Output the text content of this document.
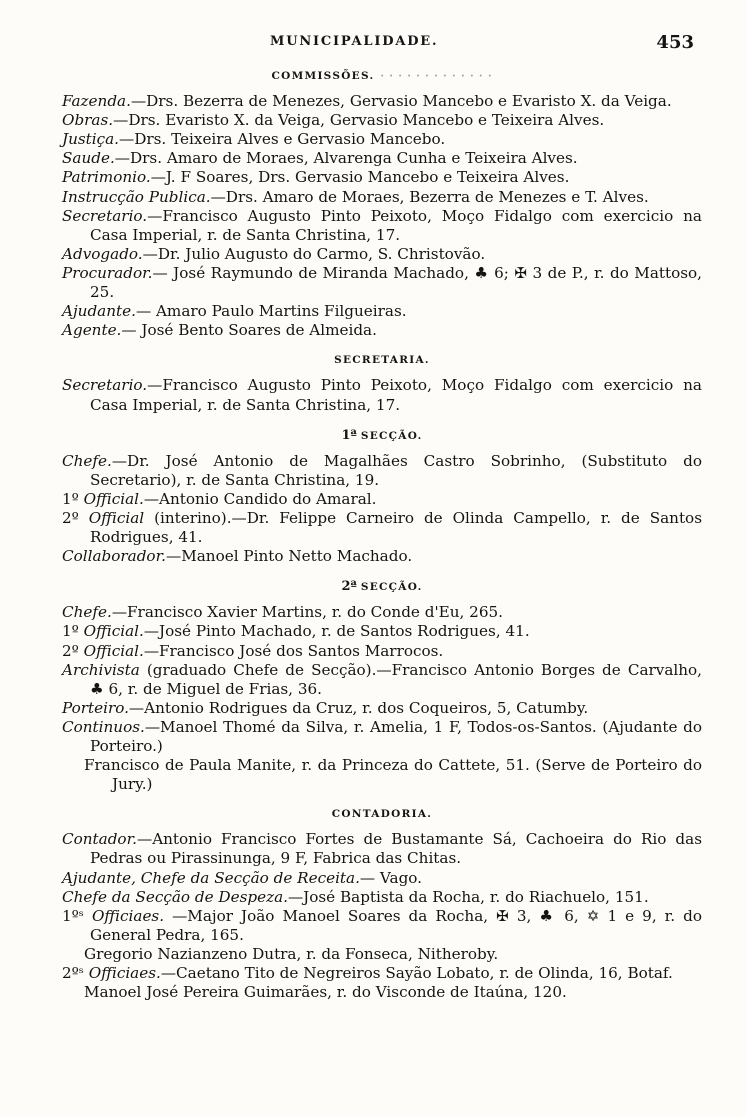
MUNICIPALIDADE.	453
COMMISSÕES. · · · · · · · · · · · · ·
Fazenda.—Drs. Bezerra de Menezes, Gervasio Mancebo e Evaristo X. da Veiga.
Obras.—Drs. Evaristo X. da Veiga, Gervasio Mancebo e Teixeira Alves.
Justiça.—Drs. Teixeira Alves e Gervasio Mancebo.
Saude.—Drs. Amaro de Moraes, Alvarenga Cunha e Teixeira Alves.
Patrimonio.—J. F Soares, Drs. Gervasio Mancebo e Teixeira Alves.
Instrucção Publica.—Drs. Amaro de Moraes, Bezerra de Menezes e T. Alves.
Secretario.—Francisco Augusto Pinto Peixoto, Moço Fidalgo com exercicio na Casa Imperial, r. de Santa Christina, 17.
Advogado.—Dr. Julio Augusto do Carmo, S. Christovão.
Procurador.— José Raymundo de Miranda Machado, ♣ 6; ✠ 3 de P., r. do Mattoso, 25.
Ajudante.— Amaro Paulo Martins Filgueiras.
Agente.— José Bento Soares de Almeida.
SECRETARIA.
Secretario.—Francisco Augusto Pinto Peixoto, Moço Fidalgo com exercicio na Casa Imperial, r. de Santa Christina, 17.
1ª SECÇÃO.
Chefe.—Dr. José Antonio de Magalhães Castro Sobrinho, (Substituto do Secretario), r. de Santa Christina, 19.
1º Official.—Antonio Candido do Amaral.
2º Official (interino).—Dr. Felippe Carneiro de Olinda Campello, r. de Santos Rodrigues, 41.
Collaborador.—Manoel Pinto Netto Machado.
2ª SECÇÃO.
Chefe.—Francisco Xavier Martins, r. do Conde d'Eu, 265.
1º Official.—José Pinto Machado, r. de Santos Rodrigues, 41.
2º Official.—Francisco José dos Santos Marrocos.
Archivista (graduado Chefe de Secção).—Francisco Antonio Borges de Carvalho, ♣ 6, r. de Miguel de Frias, 36.
Porteiro.—Antonio Rodrigues da Cruz, r. dos Coqueiros, 5, Catumby.
Continuos.—Manoel Thomé da Silva, r. Amelia, 1 F, Todos-os-Santos. (Ajudante do Porteiro.)
Francisco de Paula Manite, r. da Princeza do Cattete, 51. (Serve de Porteiro do Jury.)
CONTADORIA.
Contador.—Antonio Francisco Fortes de Bustamante Sá, Cachoeira do Rio das Pedras ou Pirassinunga, 9 F, Fabrica das Chitas.
Ajudante, Chefe da Secção de Receita.— Vago.
Chefe da Secção de Despeza.—José Baptista da Rocha, r. do Riachuelo, 151.
1ºˢ Officiaes. —Major João Manoel Soares da Rocha, ✠ 3, ♣ 6, ✡ 1 e 9, r. do General Pedra, 165.
Gregorio Nazianzeno Dutra, r. da Fonseca, Nitheroby.
2ºˢ Officiaes.—Caetano Tito de Negreiros Sayão Lobato, r. de Olinda, 16, Botaf.
Manoel José Pereira Guimarães, r. do Visconde de Itaúna, 120.
